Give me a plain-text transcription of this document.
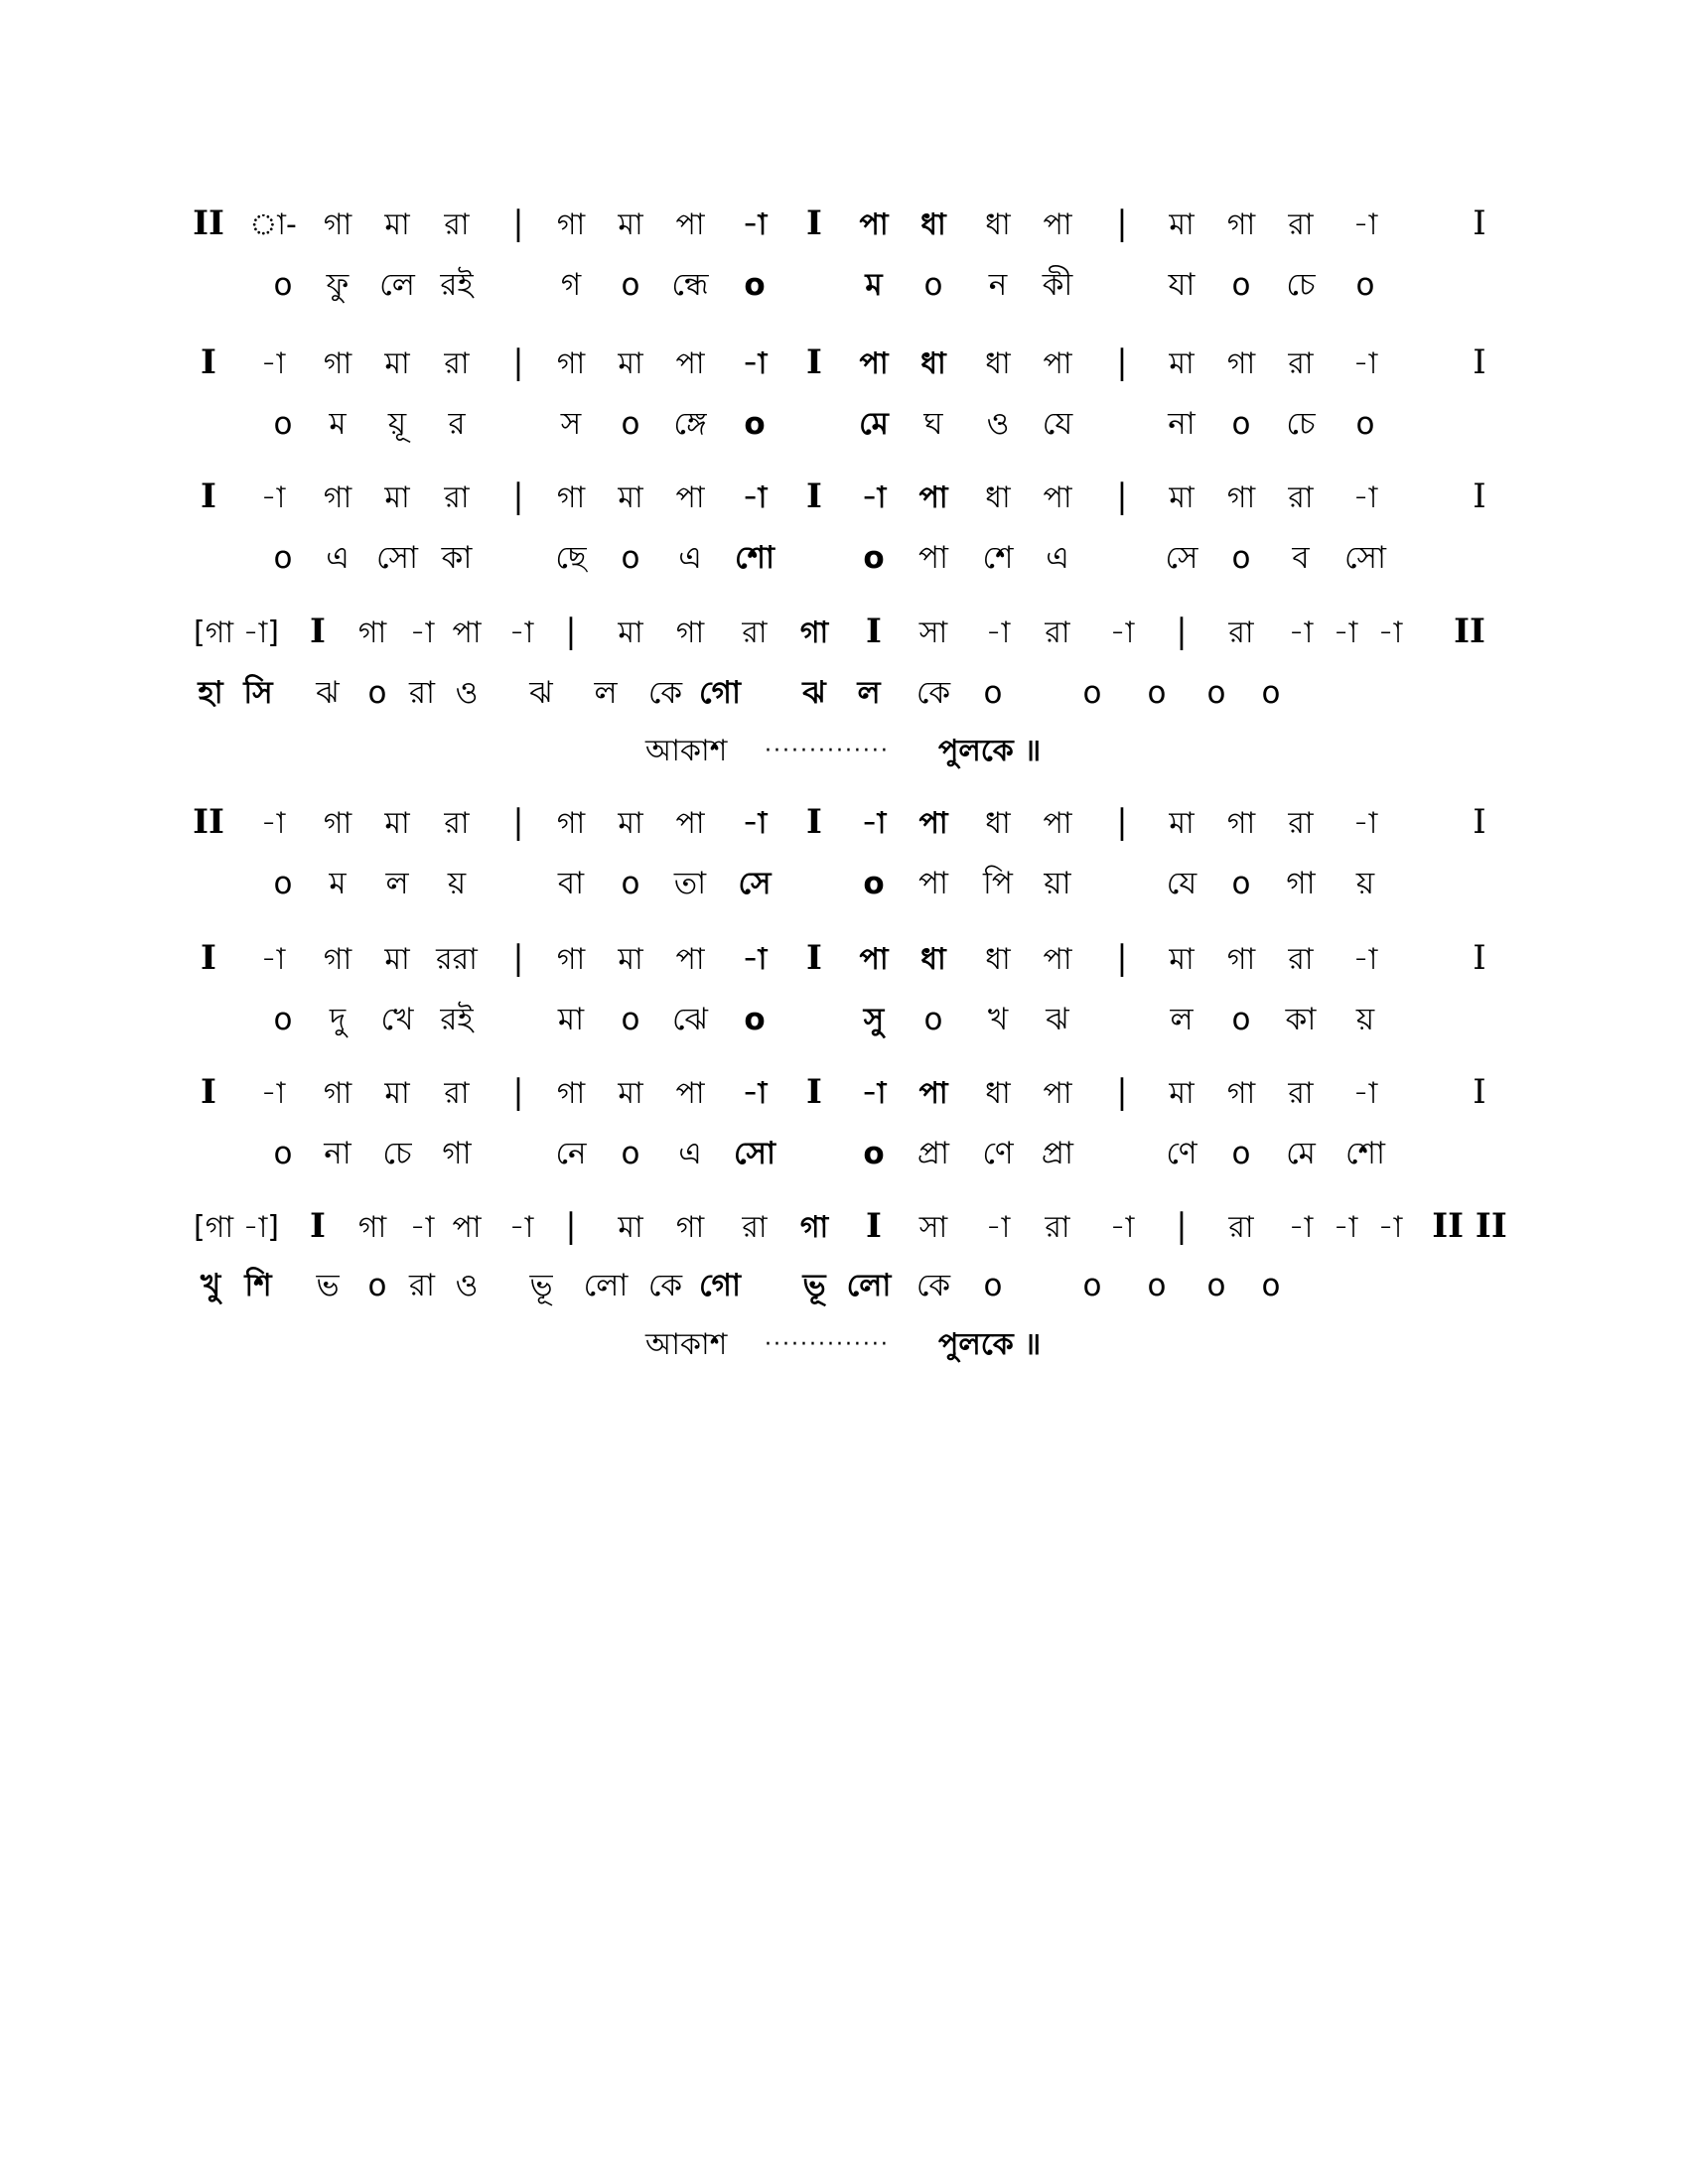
II া- গা	মা	রা	|	গা	মা	পা	-া	I	পা	ধা	ধা	পা	|	মা	গা	রা	-া	I
o	ফু লে রই	গ	o	ন্ধে	o	ম	o	ন	কী	যা	o	চে	o
I	-া	গা	মা	রা	|	গা	মা	পা	-া	I	পা	ধা	ধা	পা	|	মা	গা	রা	-া	I
o	ম	য়ূ	র	স	o	ঙ্গে	o	মে	ঘ	ও	যে	না	o	চে	o
I	-া	গা	মা	রা	|	গা	মা	পা	-া	I	-া	পা	ধা	পা	|	মা	গা	রা	-া	I
o	এ সো কা	ছে	o	এ	শো	o	পা	শে	এ	সে	o	ব	সো
[গা -া] I	গা -া পা -া |	মা	গা	রা	গা	I	সা	-া	রা	-া	|	রা	-া -া -া	II
হা সি	ঝ o রা ও	ঝ	ল	কে গো	ঝ	ল	কে	o	o	o	o	o
আকাশ ·············· পুলকে ॥
II	-া	গা	মা	রা	|	গা	মা	পা	-া	I	-া	পা	ধা	পা	|	মা	গা	রা	-া	I
o	ম	ল	য়	বা	o	তা	সে	o	পা	পি	য়া	যে	o	গা	য়
I	-া	গা	মা ররা	|	গা	মা	পা	-া	I	পা	ধা	ধা	পা	|	মা	গা	রা	-া	I
o	দু	খে রই	মা	o	ঝে	o	সু	o	খ	ঝ	ল	o	কা	য়
I	-া	গা	মা	রা	|	গা	মা	পা	-া	I	-া	পা	ধা	পা	|	মা	গা	রা	-া	I
o	না	চে গা	নে	o	এ	সো	o	প্রা	ণে প্রা	ণে	o	মে শো
[গা -া] I	গা -া পা -া |	মা	গা	রা	গা	I	সা	-া	রা	-া	|	রা	-া -া -া II II
খু শি	ভ o রা ও	ভূ	লো কে গো	ভূ লো কে	o	o	o	o	o
আকাশ ·············· পুলকে ॥
